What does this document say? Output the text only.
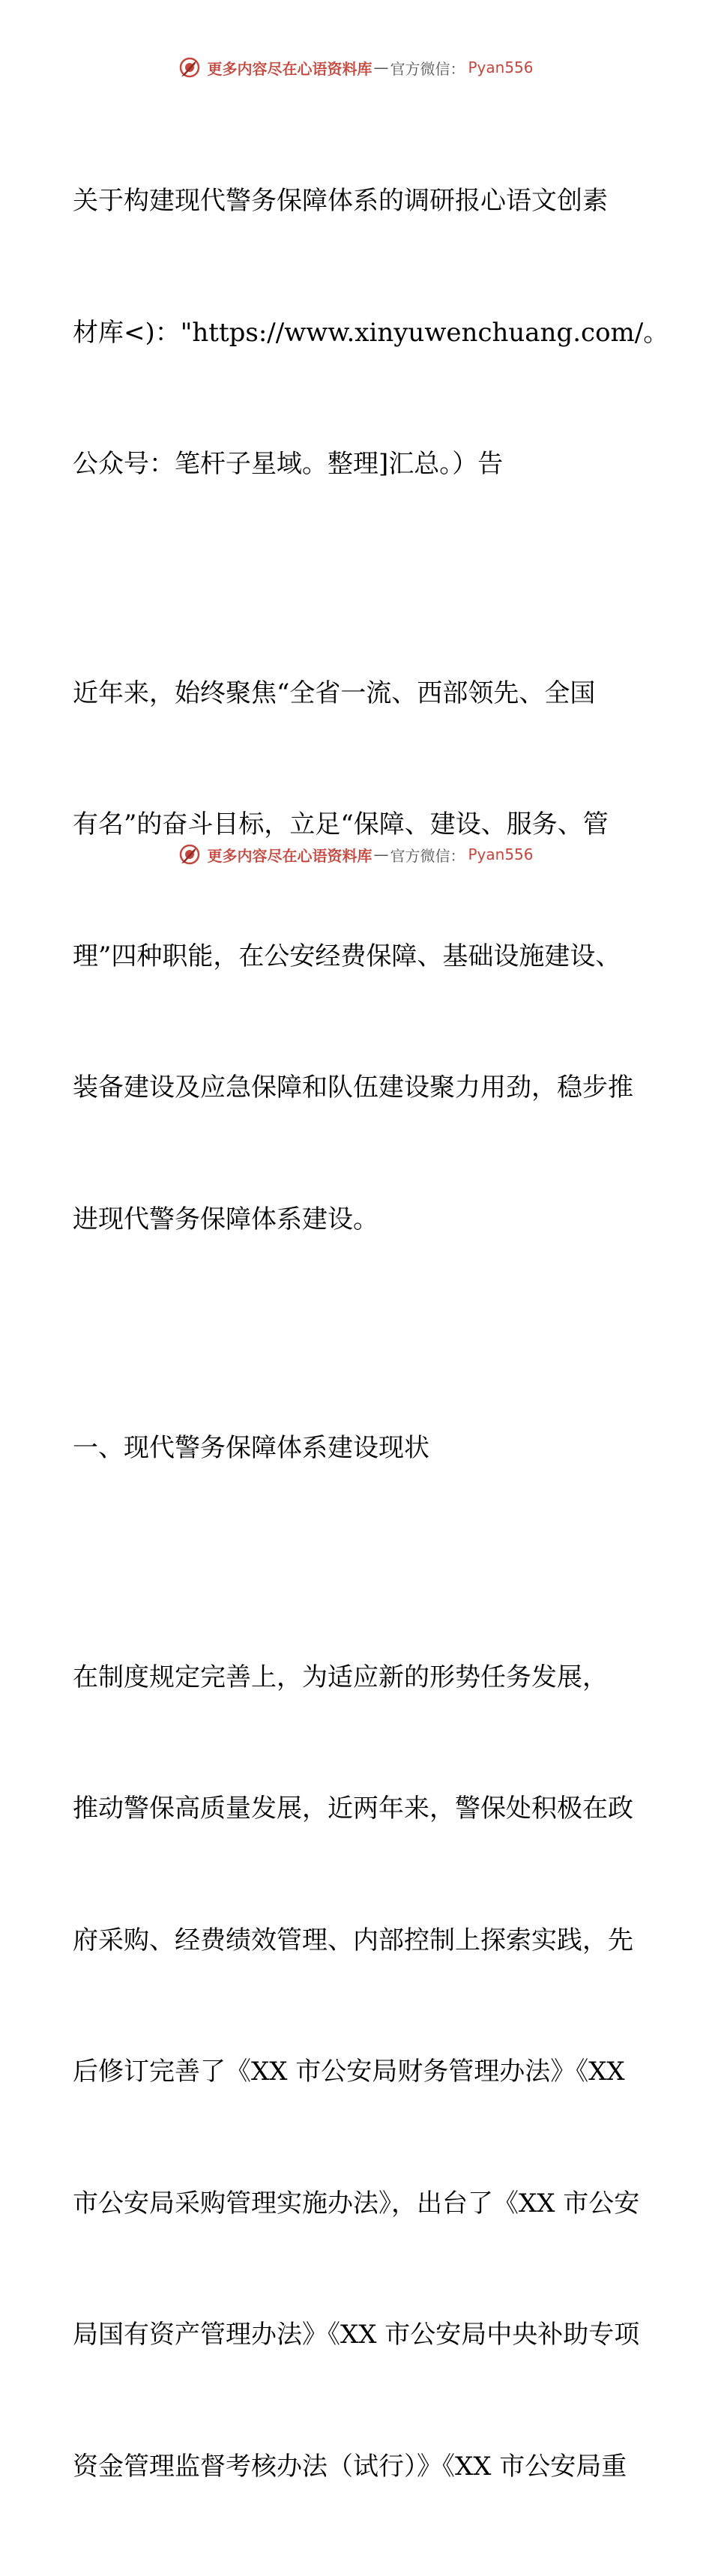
更多内容尽在心语资料库 — 官方微信： Pyan556

关于构建现代警务保障体系的调研报心语文创素

材库<)："https://www.xinyuwenchuang.com/。

公众号：笔杆子星域。整理]汇总。）告

近年来，始终聚焦“全省一流、西部领先、全国

有名”的奋斗目标，立足“保障、建设、服务、管

理”四种职能，在公安经费保障、基础设施建设、

装备建设及应急保障和队伍建设聚力用劲，稳步推

进现代警务保障体系建设。

一、现代警务保障体系建设现状

在制度规定完善上，为适应新的形势任务发展，

推动警保高质量发展，近两年来，警保处积极在政

府采购、经费绩效管理、内部控制上探索实践，先

后修订完善了《XX 市公安局财务管理办法》《XX

市公安局采购管理实施办法》，出台了《XX 市公安

局国有资产管理办法》《XX 市公安局中央补助专项

资金管理监督考核办法（试行）》《XX 市公安局重

更多内容尽在心语资料库 — 官方微信： Pyan556
